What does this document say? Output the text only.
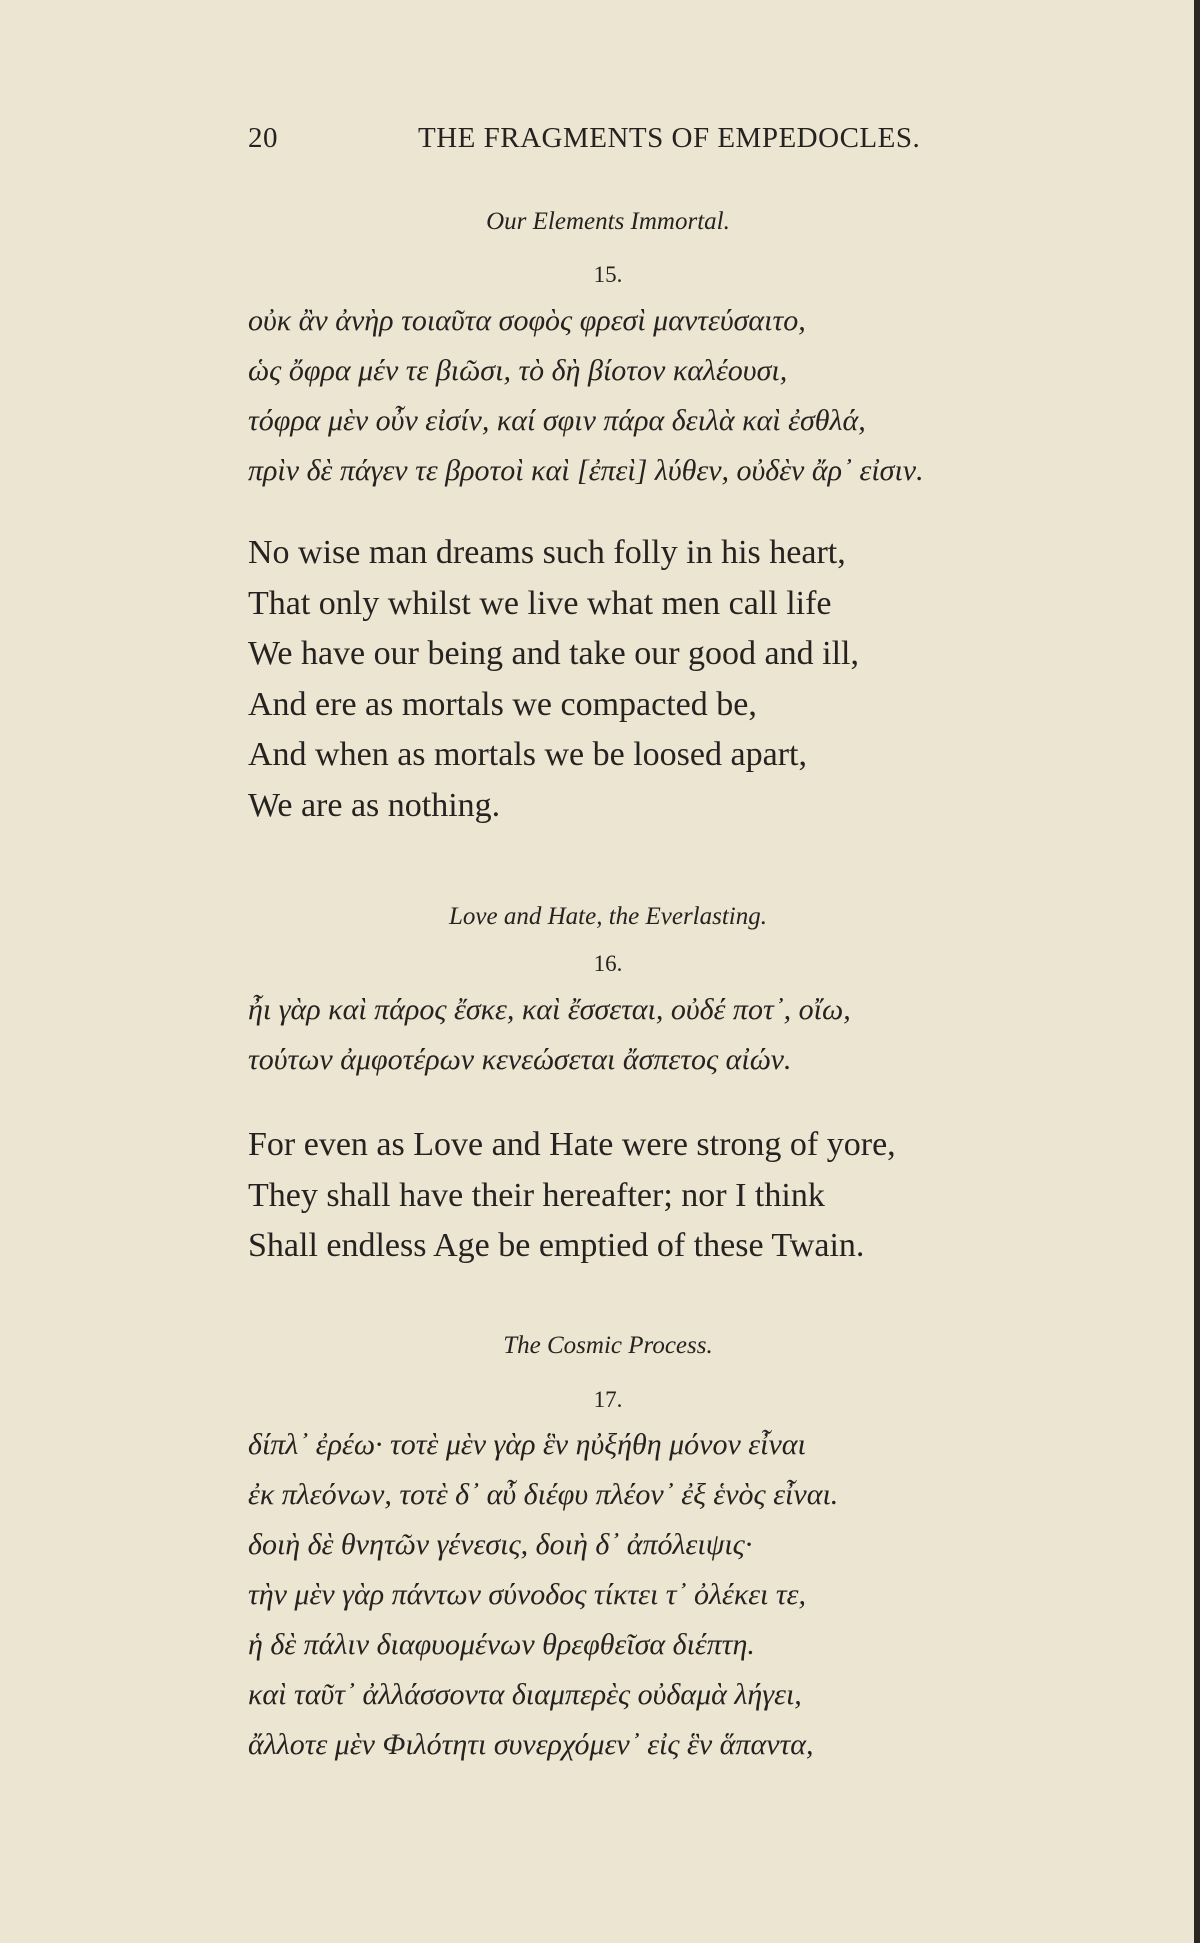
20	THE FRAGMENTS OF EMPEDOCLES.
Our Elements Immortal.
15.
οὐκ ἂν ἀνὴρ τοιαῦτα σοφὸς φρεσὶ μαντεύσαιτο,
ὡς ὄφρα μέν τε βιῶσι, τὸ δὴ βίοτον καλέουσι,
τόφρα μὲν οὖν εἰσίν, καί σφιν πάρα δειλὰ καὶ ἐσθλά,
πρὶν δὲ πάγεν τε βροτοὶ καὶ [ἐπεὶ] λύθεν, οὐδὲν ἄρ᾽ εἰσιν.
No wise man dreams such folly in his heart,
That only whilst we live what men call life
We have our being and take our good and ill,
And ere as mortals we compacted be,
And when as mortals we be loosed apart,
We are as nothing.
Love and Hate, the Everlasting.
16.
ἦι γὰρ καὶ πάρος ἔσκε, καὶ ἔσσεται, οὐδέ ποτ᾽, οἴω,
τούτων ἀμφοτέρων κενεώσεται ἄσπετος αἰών.
For even as Love and Hate were strong of yore,
They shall have their hereafter; nor I think
Shall endless Age be emptied of these Twain.
The Cosmic Process.
17.
δίπλ᾽ ἐρέω· τοτὲ μὲν γὰρ ἓν ηὐξήθη μόνον εἶναι
ἐκ πλεόνων, τοτὲ δ᾽ αὖ διέφυ πλέον᾽ ἐξ ἑνὸς εἶναι.
δοιὴ δὲ θνητῶν γένεσις, δοιὴ δ᾽ ἀπόλειψις·
τὴν μὲν γὰρ πάντων σύνοδος τίκτει τ᾽ ὀλέκει τε,
ἡ δὲ πάλιν διαφυομένων θρεφθεῖσα διέπτη.
καὶ ταῦτ᾽ ἀλλάσσοντα διαμπερὲς οὐδαμὰ λήγει,
ἄλλοτε μὲν Φιλότητι συνερχόμεν᾽ εἰς ἓν ἅπαντα,
